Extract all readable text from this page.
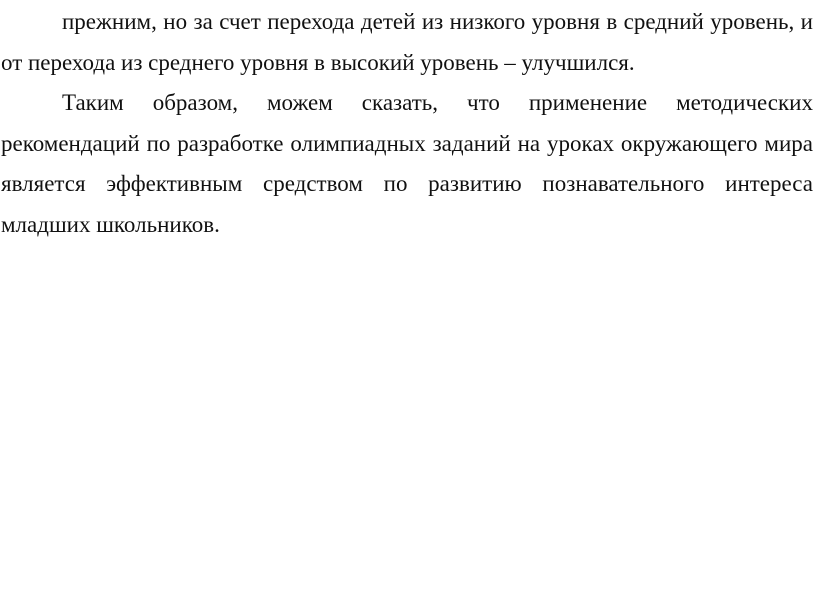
прежним, но за счет перехода детей из низкого уровня в средний уровень, и от перехода из среднего уровня в высокий уровень – улучшился.

Таким образом, можем сказать, что применение методических рекомендаций по разработке олимпиадных заданий на уроках окружающего мира является эффективным средством по развитию познавательного интереса младших школьников.
